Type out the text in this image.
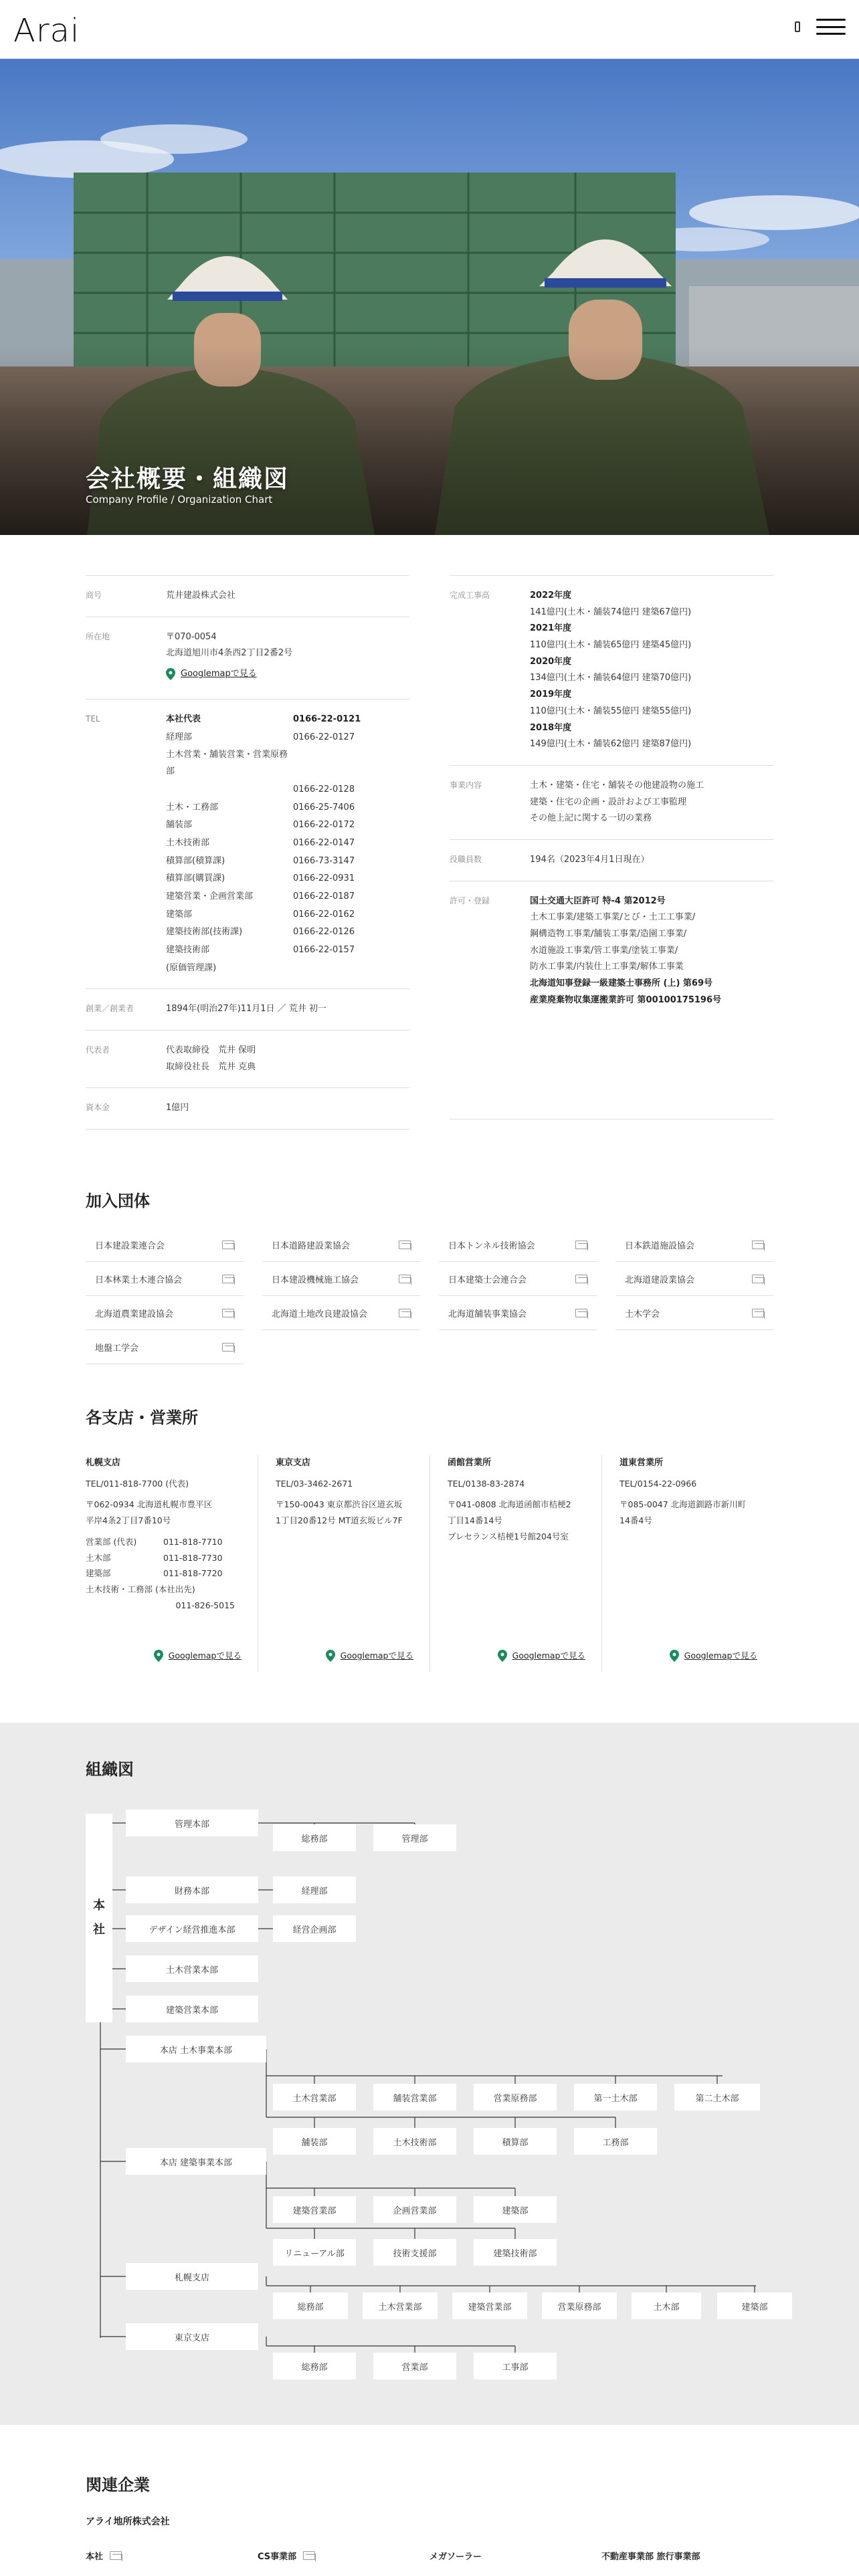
Arai
会社概要・組織図
Company Profile / Organization Chart
商号	荒井建設株式会社
所在地	〒070-0054
北海道旭川市4条西2丁目2番2号
Googlemapで見る
TEL	本社代表	0166-22-0121
経理部	0166-22-0127
土木営業・舗装営業・営業原務部
0166-22-0128
土木・工務部	0166-25-7406
舗装部	0166-22-0172
土木技術部	0166-22-0147
積算部(積算課)	0166-73-3147
積算部(購買課)	0166-22-0931
建築営業・企画営業部	0166-22-0187
建築部	0166-22-0162
建築技術部(技術課)	0166-22-0126
建築技術部	0166-22-0157
(原価管理課)
創業／創業者	1894年(明治27年)11月1日 ／ 荒井 初一
代表者	代表取締役　荒井 保明
取締役社長　荒井 克典
資本金	1億円
完成工事高	2022年度
141億円(土木・舗装74億円 建築67億円)
2021年度
110億円(土木・舗装65億円 建築45億円)
2020年度
134億円(土木・舗装64億円 建築70億円)
2019年度
110億円(土木・舗装55億円 建築55億円)
2018年度
149億円(土木・舗装62億円 建築87億円)
事業内容	土木・建築・住宅・舗装その他建設物の施工
建築・住宅の企画・設計および工事監理
その他上記に関する一切の業務
役職員数	194名（2023年4月1日現在）
許可・登録	国土交通大臣許可 特-4 第2012号
土木工事業/建築工事業/とび・土工工事業/
鋼構造物工事業/舗装工事業/造園工事業/
水道施設工事業/管工事業/塗装工事業/
防水工事業/内装仕上工事業/解体工事業
北海道知事登録一級建築士事務所 (上) 第69号
産業廃棄物収集運搬業許可 第00100175196号
加入団体
日本建設業連合会	日本道路建設業協会	日本トンネル技術協会	日本鉄道施設協会
日本林業土木連合協会	日本建設機械施工協会	日本建築士会連合会	北海道建設業協会
北海道農業建設協会	北海道土地改良建設協会	北海道舗装事業協会	土木学会
地盤工学会
各支店・営業所
札幌支店
TEL/011-818-7700 (代表)
〒062-0934 北海道札幌市豊平区
平岸4条2丁目7番10号
営業部 (代表)	011-818-7710
土木部	011-818-7730
建築部	011-818-7720
土木技術・工務部 (本社出先)
011-826-5015
Googlemapで見る
東京支店
TEL/03-3462-2671
〒150-0043 東京都渋谷区道玄坂
1丁目20番12号 MT道玄坂ビル7F
Googlemapで見る
函館営業所
TEL/0138-83-2874
〒041-0808 北海道函館市桔梗2
丁目14番14号
プレセランス桔梗1号館204号室
Googlemapで見る
道東営業所
TEL/0154-22-0966
〒085-0047 北海道釧路市新川町
14番4号
Googlemapで見る
組織図
本
社
管理本部
総務部	管理部
財務本部	経理部
デザイン経営推進本部	経営企画部
土木営業本部
建築営業本部
本店 土木事業本部
土木営業部	舗装営業部	営業原務部	第一土木部	第二土木部
舗装部	土木技術部	積算部	工務部
本店 建築事業本部
建築営業部	企画営業部	建築部
リニューアル部	技術支援部	建築技術部
札幌支店
総務部	土木営業部	建築営業部	営業原務部	土木部	建築部
東京支店
総務部	営業部	工事部
関連企業
アライ地所株式会社
本社	CS事業部	メガソーラー	不動産事業部 旅行事業部
